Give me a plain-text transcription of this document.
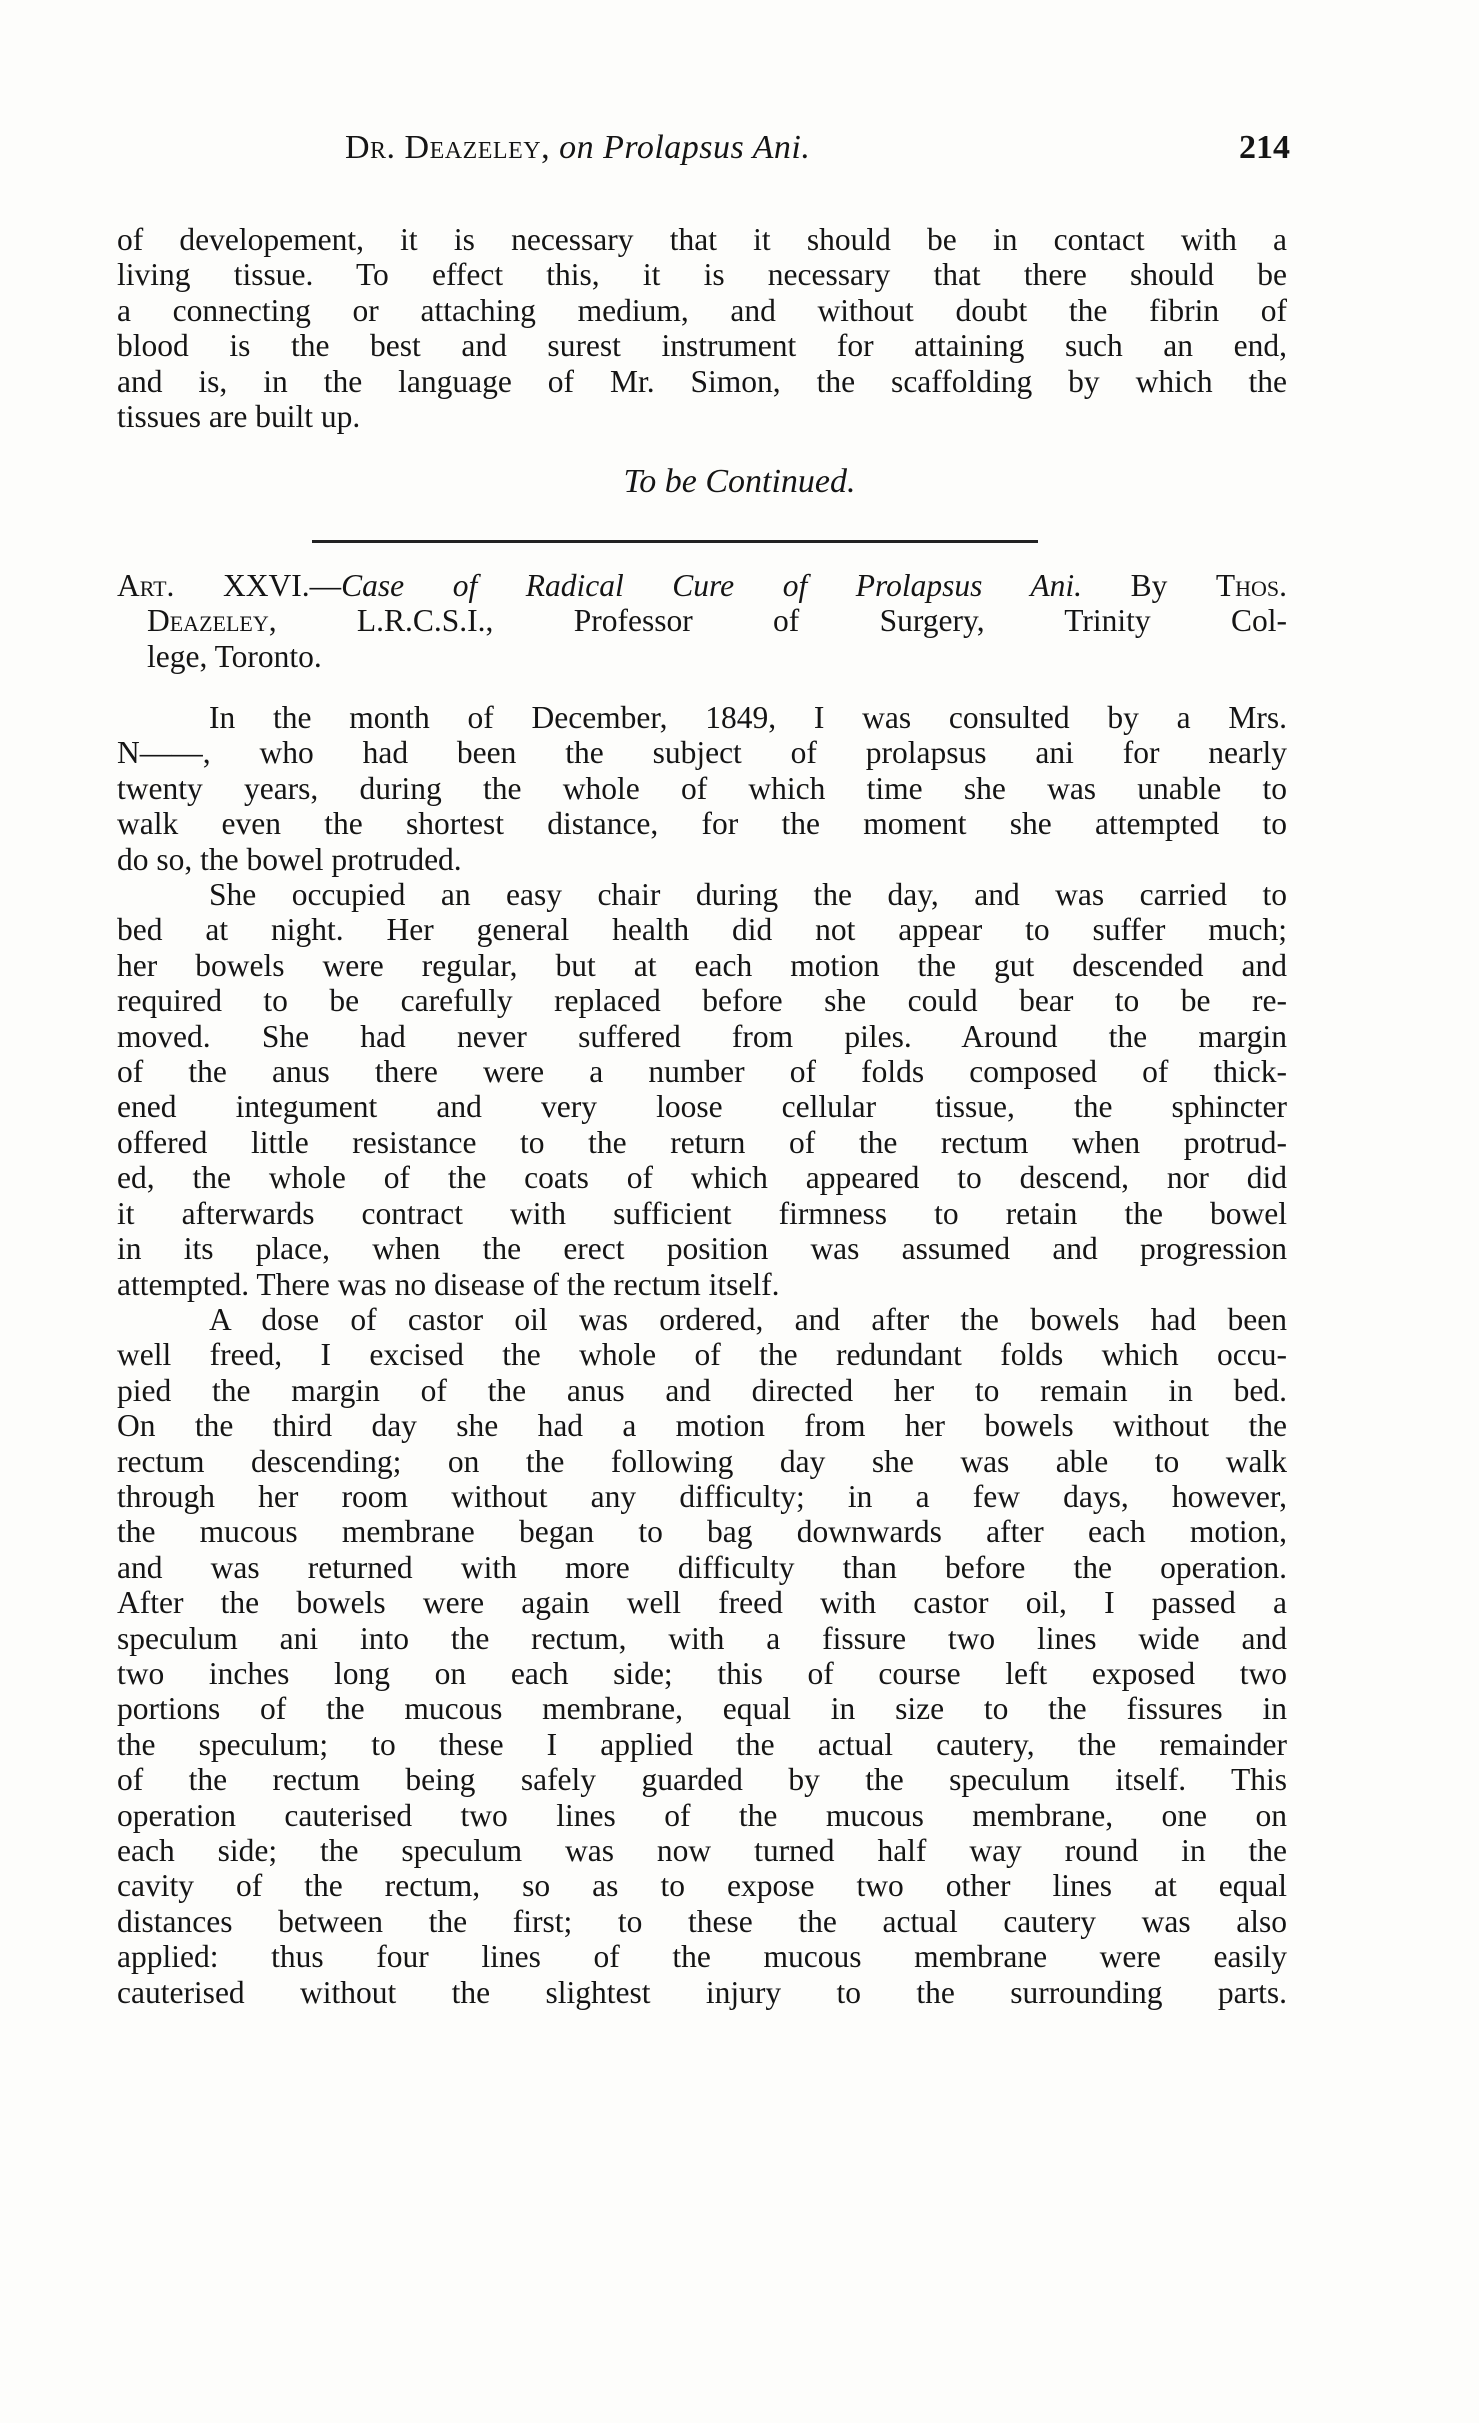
Dr. Deazeley, on Prolapsus Ani.	214
of developement, it is necessary that it should be in contact with a
living tissue. To effect this, it is necessary that there should be
a connecting or attaching medium, and without doubt the fibrin of
blood is the best and surest instrument for attaining such an end,
and is, in the language of Mr. Simon, the scaffolding by which the
tissues are built up.
To be Continued.
Art. XXVI.—Case of Radical Cure of Prolapsus Ani. By Thos.
Deazeley,	L.R.C.S.I., Professor of Surgery, Trinity Col-
lege, Toronto.
In the month of December, 1849, I was consulted by a Mrs.
N——, who had been the subject of prolapsus ani for nearly
twenty years, during the whole of which time she was unable to
walk even the shortest distance, for the moment she attempted to
do so, the bowel protruded.
She occupied an easy chair during the day, and was carried to
bed at night. Her general health did not appear to suffer much;
her bowels were regular, but at each motion the gut descended and
required to be carefully replaced before she could bear to be re-
moved. She had never suffered from piles. Around the margin
of the anus there were a number of folds composed of thick-
ened integument and very loose cellular tissue, the sphincter
offered little resistance to the return of the rectum when protrud-
ed, the whole of the coats of which appeared to descend, nor did
it afterwards contract with sufficient firmness to retain the bowel
in its place, when the erect position was assumed and progression
attempted. There was no disease of the rectum itself.
A dose of castor oil was ordered, and after the bowels had been
well freed, I excised the whole of the redundant folds which occu-
pied the margin of the anus and directed her to remain in bed.
On the third day she had a motion from her bowels without the
rectum descending; on the following day she was able to walk
through her room without any difficulty; in a few days, however,
the mucous membrane began to bag downwards after each motion,
and was returned with more difficulty than before the operation.
After the bowels were again well freed with castor oil, I passed a
speculum ani into the rectum, with a fissure two lines wide and
two inches long on each side; this of course left exposed two
portions of the mucous membrane, equal in size to the fissures in
the speculum; to these I applied the actual cautery, the remainder
of the rectum being safely guarded by the speculum itself. This
operation cauterised two lines of the mucous membrane, one on
each side; the speculum was now turned half way round in the
cavity of the rectum, so as to expose two other lines at equal
distances between the first; to these the actual cautery was also
applied: thus four lines of the mucous membrane were easily
cauterised without the slightest injury to the surrounding parts.
